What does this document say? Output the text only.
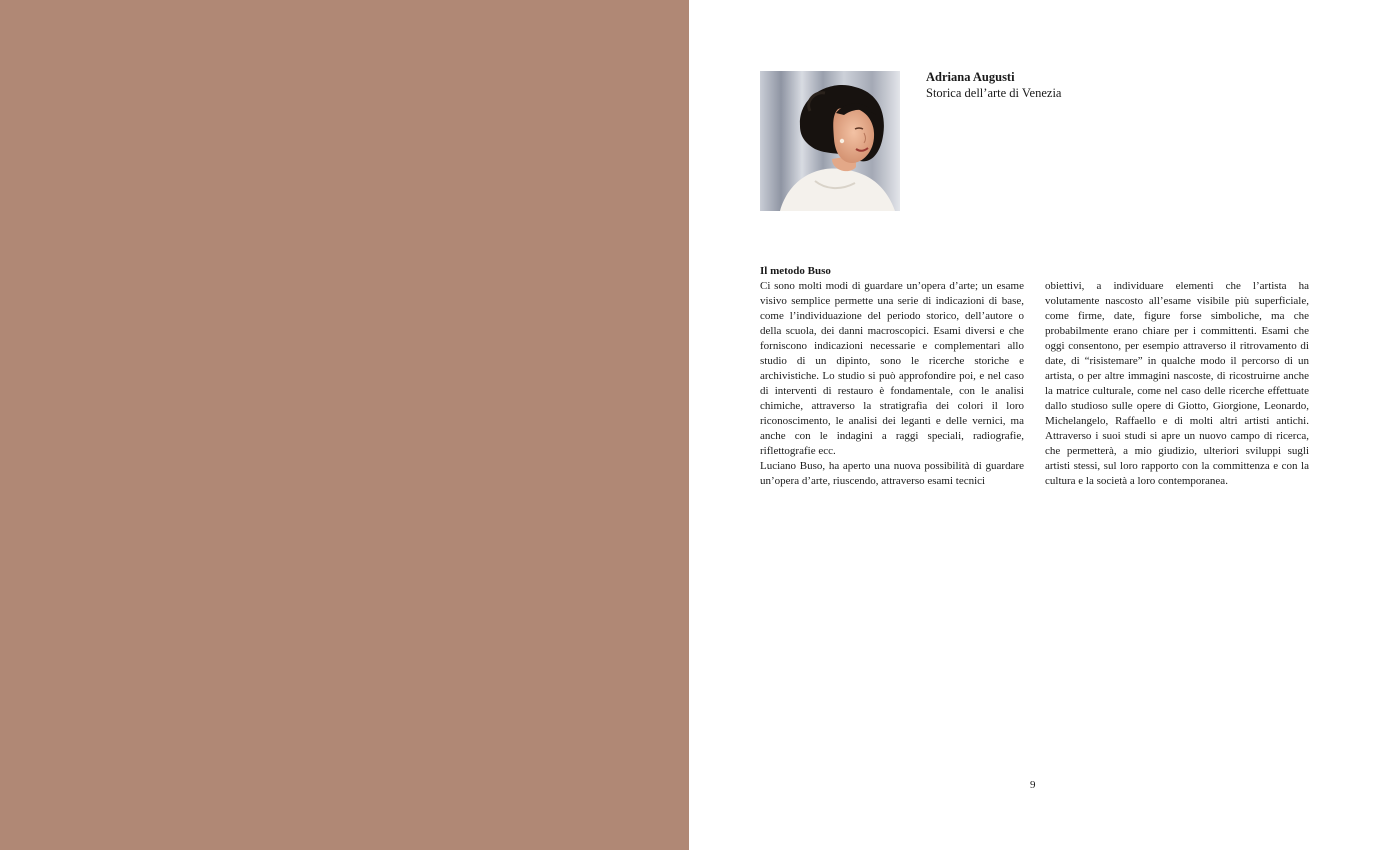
Adriana Augusti
Storica dell’arte di Venezia
Il metodo Buso

Ci sono molti modi di guardare un’opera d’arte; un esame visivo semplice permette una serie di indicazioni di base, come l’individuazione del periodo storico, dell’autore o della scuola, dei danni macroscopici. Esami diversi e che forniscono indicazioni necessarie e complementari allo studio di un dipinto, sono le ricerche storiche e archivistiche. Lo studio si può approfondire poi, e nel caso di interventi di restauro è fondamentale, con le analisi chimiche, attraverso la stratigrafia dei colori il loro riconoscimento, le analisi dei leganti e delle vernici, ma anche con le indagini a raggi speciali, radiografie, riflettografie ecc.

Luciano Buso, ha aperto una nuova possibilità di guardare un’opera d’arte, riuscendo, attraverso esami tecnici

obiettivi, a individuare elementi che l’artista ha volutamente nascosto all’esame visibile più superficiale, come firme, date, figure forse simboliche, ma che probabilmente erano chiare per i committenti. Esami che oggi consentono, per esempio attraverso il ritrovamento di date, di “risistemare” in qualche modo il percorso di un artista, o per altre immagini nascoste, di ricostruirne anche la matrice culturale, come nel caso delle ricerche effettuate dallo studioso sulle opere di Giotto, Giorgione, Leonardo, Michelangelo, Raffaello e di molti altri artisti antichi. Attraverso i suoi studi si apre un nuovo campo di ricerca, che permetterà, a mio giudizio, ulteriori sviluppi sugli artisti stessi, sul loro rapporto con la committenza e con la cultura e la società a loro contemporanea.

9
